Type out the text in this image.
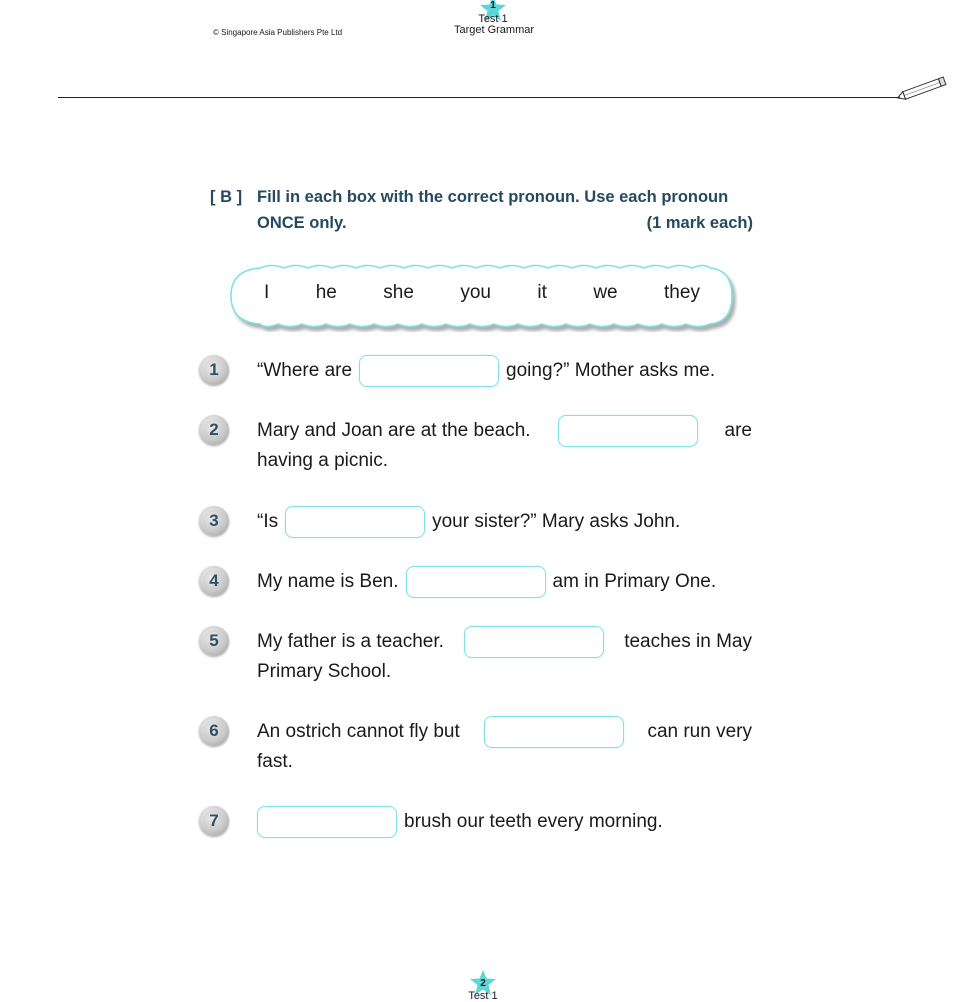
1
Test 1
Target Grammar
© Singapore Asia Publishers Pte Ltd
[ B ] Fill in each box with the correct pronoun. Use each pronoun
ONCE only.	(1 mark each)
I he she you it we they
1	“Where are	going?” Mother asks me.
2	Mary and Joan are at the beach.	are
having a picnic.
3	“Is	your sister?” Mary asks John.
4	My name is Ben.	am in Primary One.
5	My father is a teacher.	teaches in May
Primary School.
6	An ostrich cannot fly but	can run very
fast.
7	brush our teeth every morning.
2
Test 1
